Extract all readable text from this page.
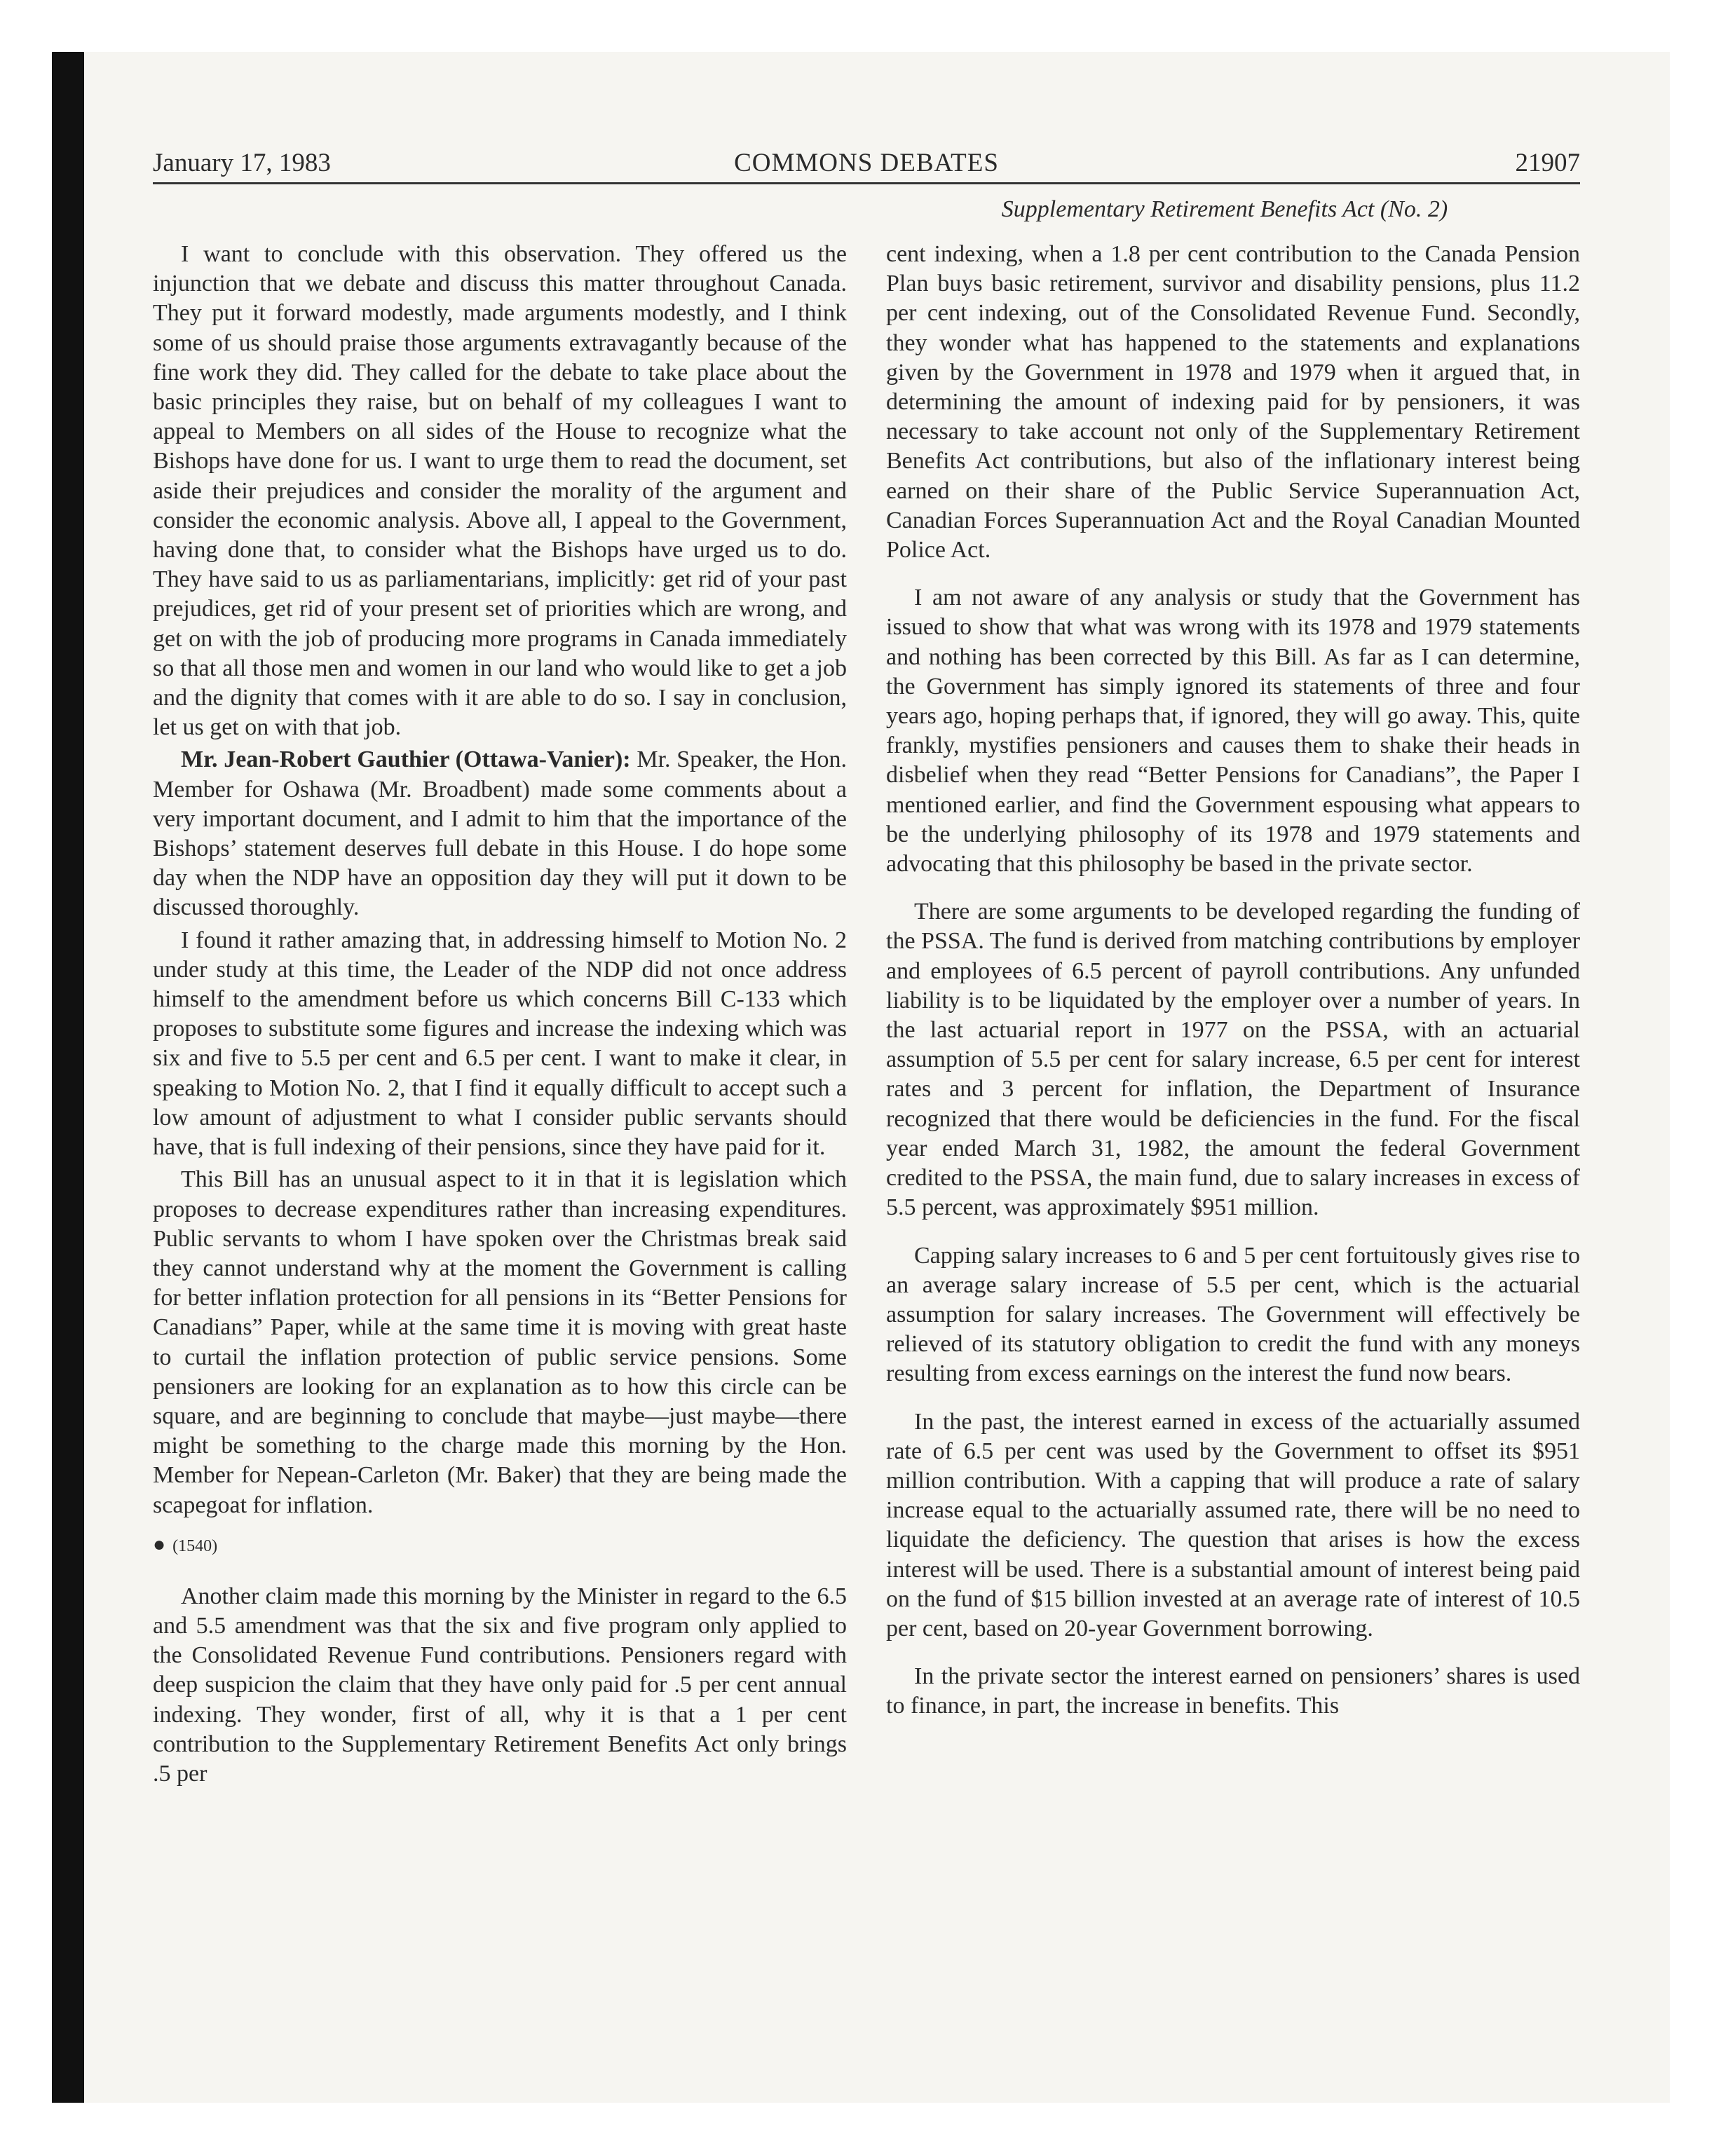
January 17, 1983	COMMONS DEBATES	21907
Supplementary Retirement Benefits Act (No. 2)

I want to conclude with this observation. They offered us the injunction that we debate and discuss this matter throughout Canada. They put it forward modestly, made arguments modestly, and I think some of us should praise those arguments extravagantly because of the fine work they did. They called for the debate to take place about the basic principles they raise, but on behalf of my colleagues I want to appeal to Members on all sides of the House to recognize what the Bishops have done for us. I want to urge them to read the document, set aside their prejudices and consider the morality of the argument and consider the economic analysis. Above all, I appeal to the Government, having done that, to consider what the Bishops have urged us to do. They have said to us as parliamentarians, implicitly: get rid of your past prejudices, get rid of your present set of priorities which are wrong, and get on with the job of producing more programs in Canada immediately so that all those men and women in our land who would like to get a job and the dignity that comes with it are able to do so. I say in conclusion, let us get on with that job.

Mr. Jean-Robert Gauthier (Ottawa-Vanier): Mr. Speaker, the Hon. Member for Oshawa (Mr. Broadbent) made some comments about a very important document, and I admit to him that the importance of the Bishops’ statement deserves full debate in this House. I do hope some day when the NDP have an opposition day they will put it down to be discussed thoroughly.

I found it rather amazing that, in addressing himself to Motion No. 2 under study at this time, the Leader of the NDP did not once address himself to the amendment before us which concerns Bill C-133 which proposes to substitute some figures and increase the indexing which was six and five to 5.5 per cent and 6.5 per cent. I want to make it clear, in speaking to Motion No. 2, that I find it equally difficult to accept such a low amount of adjustment to what I consider public servants should have, that is full indexing of their pensions, since they have paid for it.

This Bill has an unusual aspect to it in that it is legislation which proposes to decrease expenditures rather than increasing expenditures. Public servants to whom I have spoken over the Christmas break said they cannot understand why at the moment the Government is calling for better inflation protection for all pensions in its “Better Pensions for Canadians” Paper, while at the same time it is moving with great haste to curtail the inflation protection of public service pensions. Some pensioners are looking for an explanation as to how this circle can be square, and are beginning to conclude that maybe—just maybe—there might be something to the charge made this morning by the Hon. Member for Nepean-Carleton (Mr. Baker) that they are being made the scapegoat for inflation.

● (1540)

Another claim made this morning by the Minister in regard to the 6.5 and 5.5 amendment was that the six and five program only applied to the Consolidated Revenue Fund contributions. Pensioners regard with deep suspicion the claim that they have only paid for .5 per cent annual indexing. They wonder, first of all, why it is that a 1 per cent contribution to the Supplementary Retirement Benefits Act only brings .5 per

cent indexing, when a 1.8 per cent contribution to the Canada Pension Plan buys basic retirement, survivor and disability pensions, plus 11.2 per cent indexing, out of the Consolidated Revenue Fund. Secondly, they wonder what has happened to the statements and explanations given by the Government in 1978 and 1979 when it argued that, in determining the amount of indexing paid for by pensioners, it was necessary to take account not only of the Supplementary Retirement Benefits Act contributions, but also of the inflationary interest being earned on their share of the Public Service Superannuation Act, Canadian Forces Superannuation Act and the Royal Canadian Mounted Police Act.

I am not aware of any analysis or study that the Government has issued to show that what was wrong with its 1978 and 1979 statements and nothing has been corrected by this Bill. As far as I can determine, the Government has simply ignored its statements of three and four years ago, hoping perhaps that, if ignored, they will go away. This, quite frankly, mystifies pensioners and causes them to shake their heads in disbelief when they read “Better Pensions for Canadians”, the Paper I mentioned earlier, and find the Government espousing what appears to be the underlying philosophy of its 1978 and 1979 statements and advocating that this philosophy be based in the private sector.

There are some arguments to be developed regarding the funding of the PSSA. The fund is derived from matching contributions by employer and employees of 6.5 percent of payroll contributions. Any unfunded liability is to be liquidated by the employer over a number of years. In the last actuarial report in 1977 on the PSSA, with an actuarial assumption of 5.5 per cent for salary increase, 6.5 per cent for interest rates and 3 percent for inflation, the Department of Insurance recognized that there would be deficiencies in the fund. For the fiscal year ended March 31, 1982, the amount the federal Government credited to the PSSA, the main fund, due to salary increases in excess of 5.5 percent, was approximately $951 million.

Capping salary increases to 6 and 5 per cent fortuitously gives rise to an average salary increase of 5.5 per cent, which is the actuarial assumption for salary increases. The Government will effectively be relieved of its statutory obligation to credit the fund with any moneys resulting from excess earnings on the interest the fund now bears.

In the past, the interest earned in excess of the actuarially assumed rate of 6.5 per cent was used by the Government to offset its $951 million contribution. With a capping that will produce a rate of salary increase equal to the actuarially assumed rate, there will be no need to liquidate the deficiency. The question that arises is how the excess interest will be used. There is a substantial amount of interest being paid on the fund of $15 billion invested at an average rate of interest of 10.5 per cent, based on 20-year Government borrowing.

In the private sector the interest earned on pensioners’ shares is used to finance, in part, the increase in benefits. This
